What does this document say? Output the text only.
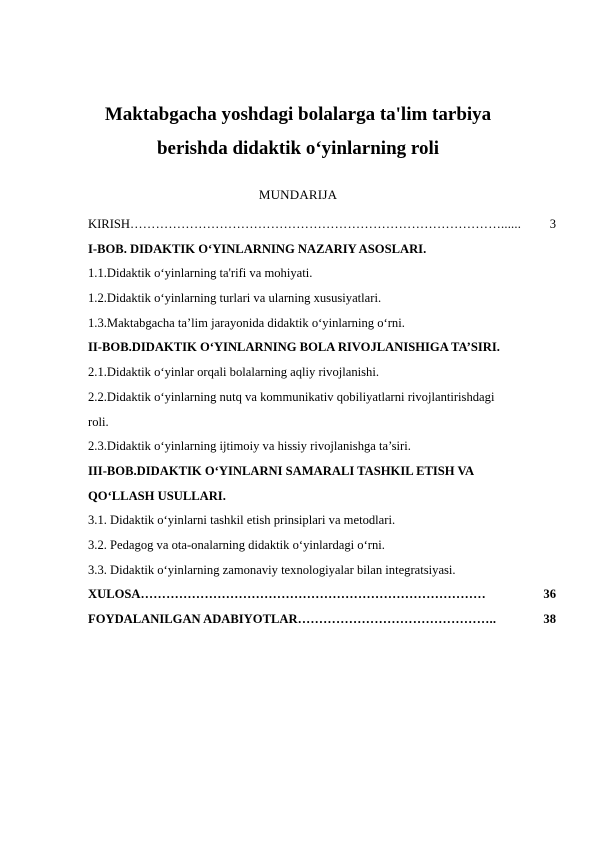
Maktabgacha yoshdagi bolalarga ta'lim tarbiya
berishda didaktik o‘yinlarning roli
MUNDARIJA
KIRISH ……………………………………………………………………………......	3
I-BOB. DIDAKTIK O‘YINLARNING NAZARIY ASOSLARI.
1.1.Didaktik o‘yinlarning ta'rifi va mohiyati.
1.2.Didaktik o‘yinlarning turlari va ularning xususiyatlari.
1.3.Maktabgacha ta’lim jarayonida didaktik o‘yinlarning o‘rni.
II-BOB.DIDAKTIK O‘YINLARNING BOLA RIVOJLANISHIGA TA’SIRI.
2.1.Didaktik o‘yinlar orqali bolalarning aqliy rivojlanishi.
2.2.Didaktik o‘yinlarning nutq va kommunikativ qobiliyatlarni rivojlantirishdagi
roli.
2.3.Didaktik o‘yinlarning ijtimoiy va hissiy rivojlanishga ta’siri.
III-BOB.DIDAKTIK O‘YINLARNI SAMARALI TASHKIL ETISH VA
QO‘LLASH USULLARI.
3.1. Didaktik o‘yinlarni tashkil etish prinsiplari va metodlari.
3.2. Pedagog va ota-onalarning didaktik o‘yinlardagi o‘rni.
3.3. Didaktik o‘yinlarning zamonaviy texnologiyalar bilan integratsiyasi.
XULOSA ………………………………………………………………………	36
FOYDALANILGAN ADABIYOTLAR ………………………………………..	38
